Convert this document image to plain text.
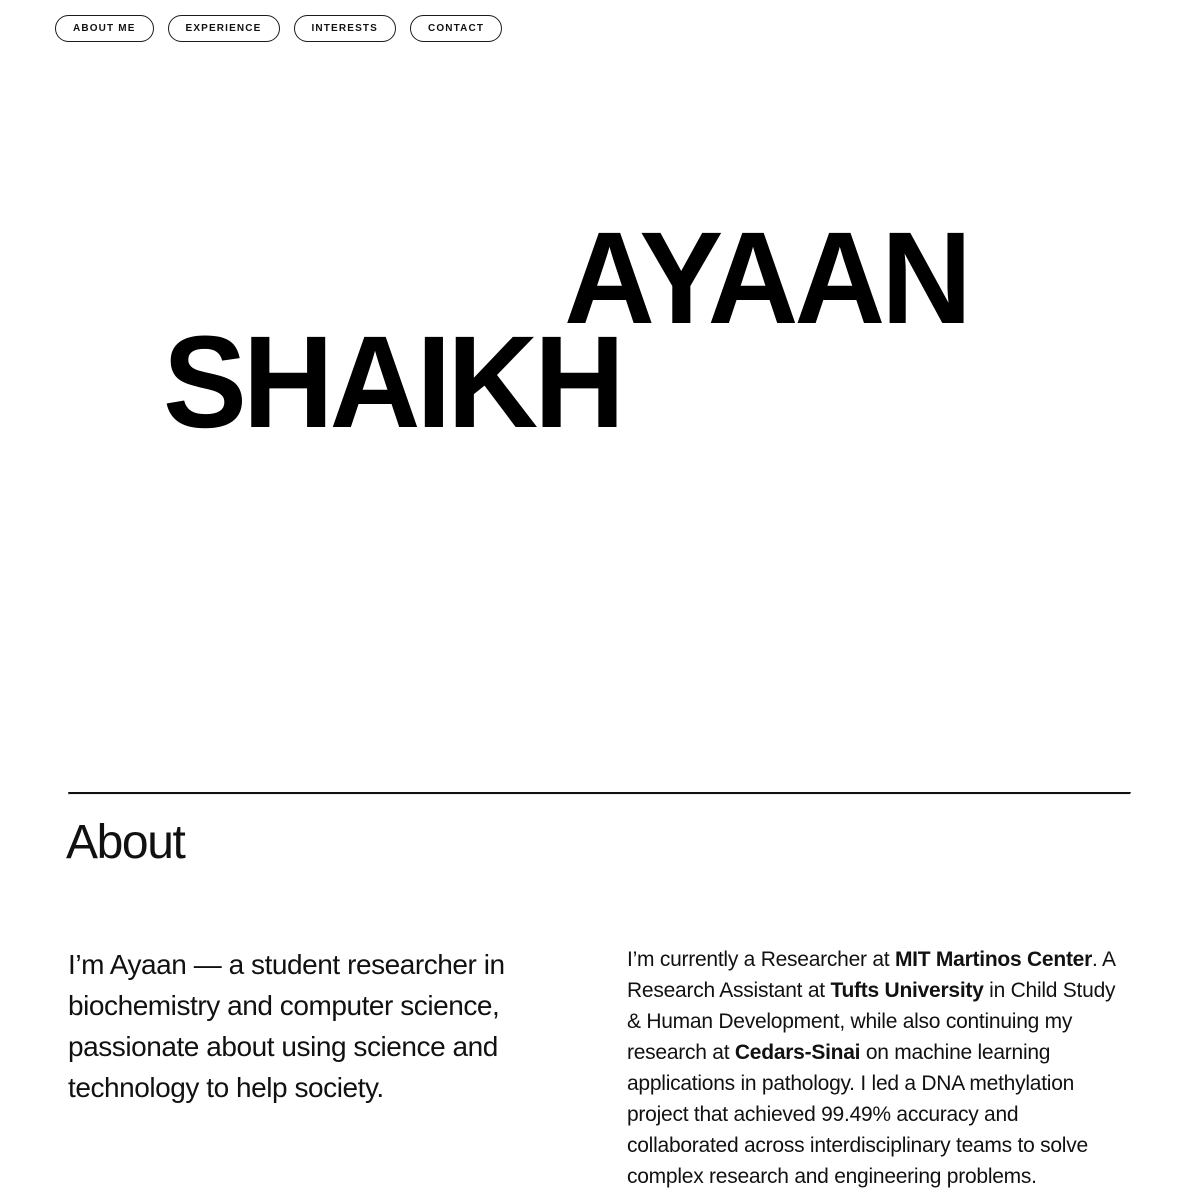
ABOUT ME	EXPERIENCE	INTERESTS	CONTACT
AYAAN
SHAIKH
About

I’m Ayaan — a student researcher in biochemistry and computer science, passionate about using science and technology to help society.

I’m currently a Researcher at MIT Martinos Center. A Research Assistant at Tufts University in Child Study & Human Development, while also continuing my research at Cedars-Sinai on machine learning applications in pathology. I led a DNA methylation project that achieved 99.49% accuracy and collaborated across interdisciplinary teams to solve complex research and engineering problems.
